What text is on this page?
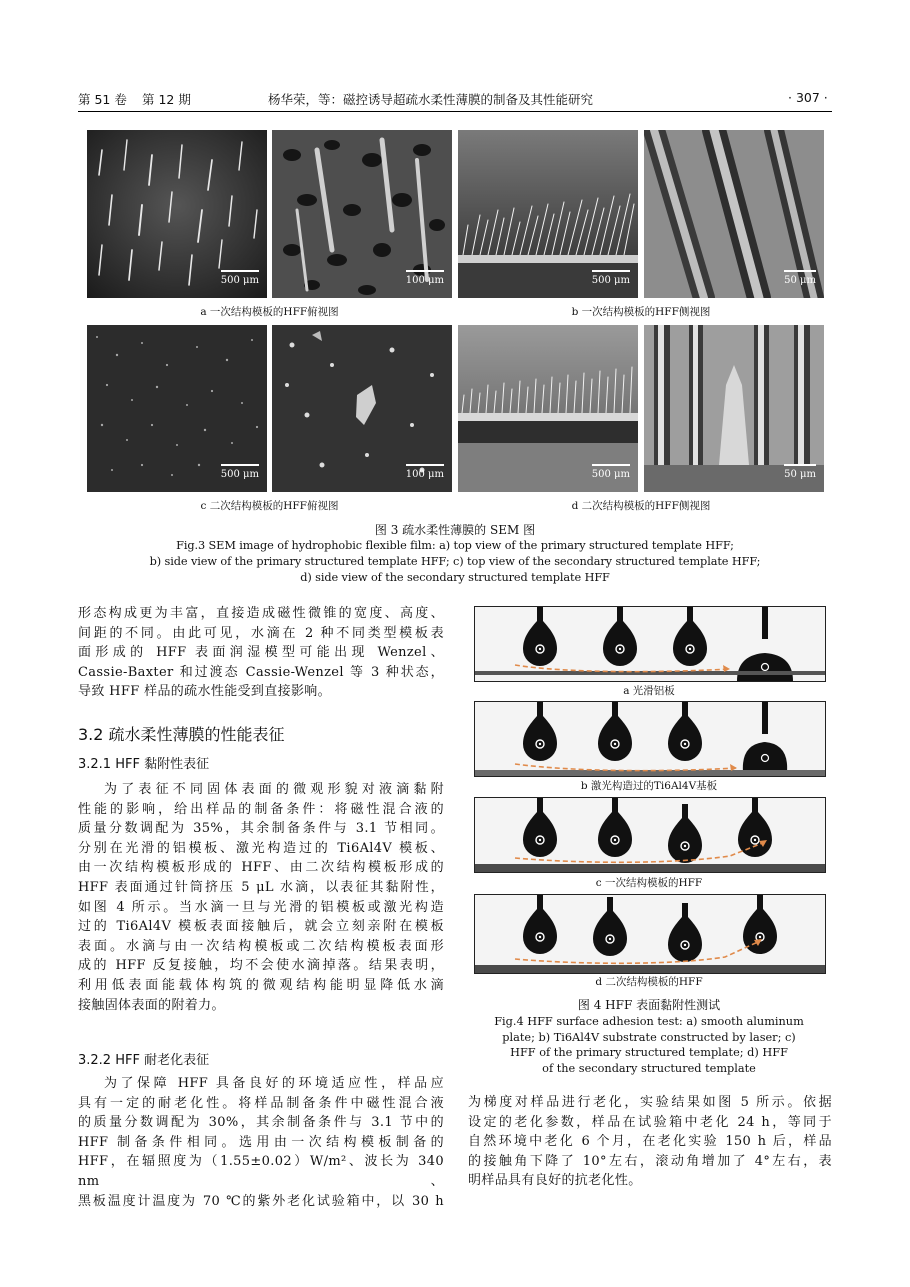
第 51 卷 第 12 期	杨华荣，等：磁控诱导超疏水柔性薄膜的制备及其性能研究	· 307 ·
500 μm	100 μm	500 μm	50 μm
a 一次结构模板的HFF俯视图	b 一次结构模板的HFF侧视图
500 μm	100 μm	500 μm	50 μm
c 二次结构模板的HFF俯视图	d 二次结构模板的HFF侧视图
图 3 疏水柔性薄膜的 SEM 图
Fig.3 SEM image of hydrophobic flexible film: a) top view of the primary structured template HFF;
b) side view of the primary structured template HFF; c) top view of the secondary structured template HFF;
d) side view of the secondary structured template HFF
形态构成更为丰富，直接造成磁性微锥的宽度、高度、
间距的不同。由此可见，水滴在 2 种不同类型模板表
面形成的 HFF 表面润湿模型可能出现 Wenzel、
Cassie-Baxter 和过渡态 Cassie-Wenzel 等 3 种状态，
导致 HFF 样品的疏水性能受到直接影响。
3.2 疏水柔性薄膜的性能表征
3.2.1 HFF 黏附性表征
为了表征不同固体表面的微观形貌对液滴黏附
性能的影响，给出样品的制备条件：将磁性混合液的
质量分数调配为 35%，其余制备条件与 3.1 节相同。
分别在光滑的铝模板、激光构造过的 Ti6Al4V 模板、
由一次结构模板形成的 HFF、由二次结构模板形成的
HFF 表面通过针筒挤压 5 μL 水滴，以表征其黏附性，
如图 4 所示。当水滴一旦与光滑的铝模板或激光构造
过的 Ti6Al4V 模板表面接触后，就会立刻亲附在模板
表面。水滴与由一次结构模板或二次结构模板表面形
成的 HFF 反复接触，均不会使水滴掉落。结果表明，
利用低表面能载体构筑的微观结构能明显降低水滴
接触固体表面的附着力。
3.2.2 HFF 耐老化表征
为了保障 HFF 具备良好的环境适应性，样品应
具有一定的耐老化性。将样品制备条件中磁性混合液
的质量分数调配为 30%，其余制备条件与 3.1 节中的
HFF 制备条件相同。选用由一次结构模板制备的
HFF，在辐照度为（1.55±0.02）W/m²、波长为 340 nm、
黑板温度计温度为 70 ℃的紫外老化试验箱中，以 30 h
a 光滑铝板
b 激光构造过的Ti6Al4V基板
c 一次结构模板的HFF
d 二次结构模板的HFF
图 4 HFF 表面黏附性测试
Fig.4 HFF surface adhesion test: a) smooth aluminum
plate; b) Ti6Al4V substrate constructed by laser; c)
HFF of the primary structured template; d) HFF
of the secondary structured template
为梯度对样品进行老化，实验结果如图 5 所示。依据
设定的老化参数，样品在试验箱中老化 24 h，等同于
自然环境中老化 6 个月，在老化实验 150 h 后，样品
的接触角下降了 10°左右，滚动角增加了 4°左右，表
明样品具有良好的抗老化性。
